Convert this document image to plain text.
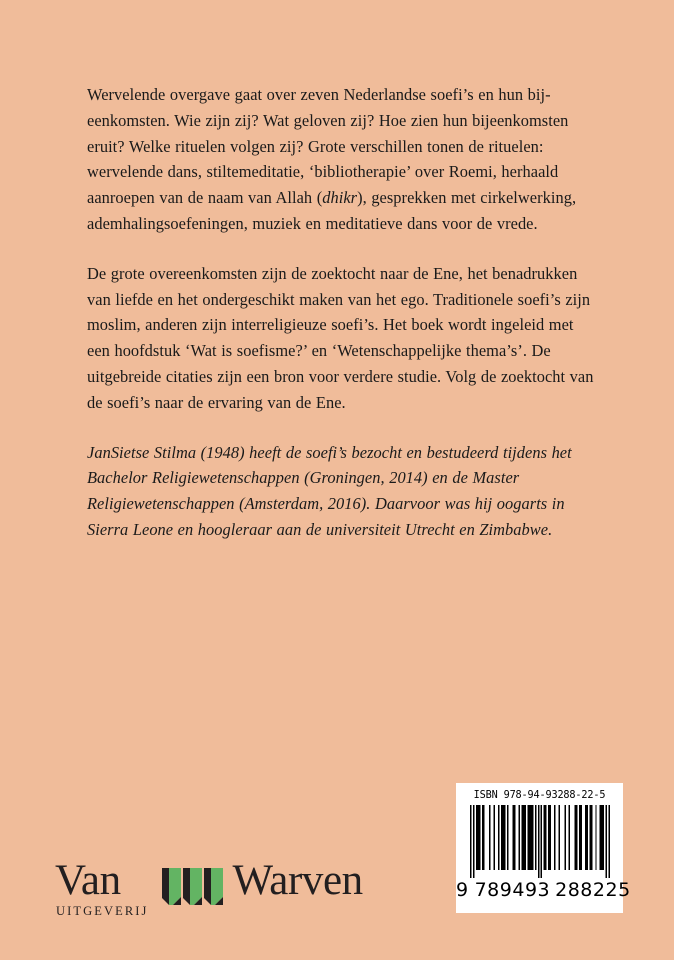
Wervelende overgave gaat over zeven Nederlandse soefi’s en hun bij-eenkomsten. Wie zijn zij? Wat geloven zij? Hoe zien hun bijeenkomsten eruit? Welke rituelen volgen zij? Grote verschillen tonen de rituelen: wervelende dans, stiltemeditatie, ‘bibliotherapie’ over Roemi, herhaald aanroepen van de naam van Allah (dhikr), gesprekken met cirkelwerking, ademhalingsoefeningen, muziek en meditatieve dans voor de vrede.

De grote overeenkomsten zijn de zoektocht naar de Ene, het benadrukken van liefde en het ondergeschikt maken van het ego. Traditionele soefi’s zijn moslim, anderen zijn interreligieuze soefi’s. Het boek wordt ingeleid met een hoofdstuk ‘Wat is soefisme?’ en ‘Wetenschappelijke thema’s’. De uitgebreide citaties zijn een bron voor verdere studie. Volg de zoektocht van de soefi’s naar de ervaring van de Ene.

JanSietse Stilma (1948) heeft de soefi’s bezocht en bestudeerd tijdens het Bachelor Religiewetenschappen (Groningen, 2014) en de Master Religiewetenschappen (Amsterdam, 2016). Daarvoor was hij oogarts in Sierra Leone en hoogleraar aan de universiteit Utrecht en Zimbabwe.

Van
UITGEVERIJ
Warven
ISBN 978-94-93288-22-5
9 789493 288225
